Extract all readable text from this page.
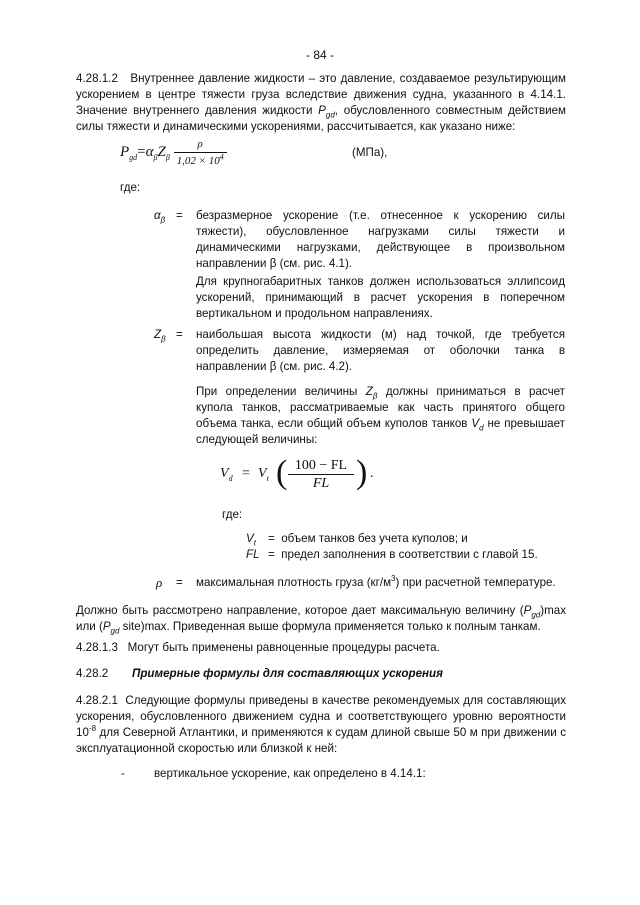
- 84 -
4.28.1.2 Внутреннее давление жидкости – это давление, создаваемое результирующим ускорением в центре тяжести груза вследствие движения судна, указанного в 4.14.1. Значение внутреннего давления жидкости $P_{gd}$, обусловленного совместным действием силы тяжести и динамическими ускорениями, рассчитывается, как указано ниже:
$P_{gd}=\alpha_\beta Z_\beta \frac{\rho}{1,02 \times 10^4}$	(МПа),
где:
$\alpha_\beta$ = безразмерное ускорение (т.е. отнесенное к ускорению силы тяжести), обусловленное нагрузками силы тяжести и динамическими нагрузками, действующее в произвольном направлении β (см. рис. 4.1).
Для крупногабаритных танков должен использоваться эллипсоид ускорений, принимающий в расчет ускорения в поперечном вертикальном и продольном направлениях.
$Z_\beta$ = наибольшая высота жидкости (м) над точкой, где требуется определить давление, измеряемая от оболочки танка в направлении β (см. рис. 4.2).
При определении величины $Z_\beta$ должны приниматься в расчет купола танков, рассматриваемые как часть принятого общего объема танка, если общий объем куполов танков $V_d$ не превышает следующей величины:
$V_d = V_t$ ( 100 − FL
FL ) .
где:
$V_t$ = объем танков без учета куполов; и
FL = предел заполнения в соответствии с главой 15.
ρ = максимальная плотность груза $(кг/м^3)$ при расчетной температуре.
Должно быть рассмотрено направление, которое дает максимальную величину $(P_{gd})\max$ или ($P_{gd}$ site)max. Приведенная выше формула применяется только к полным танкам.
4.28.1.3 Могут быть применены равноценные процедуры расчета.
4.28.2 Примерные формулы для составляющих ускорения
4.28.2.1 Следующие формулы приведены в качестве рекомендуемых для составляющих ускорения, обусловленного движением судна и соответствующего уровню вероятности $10^{-8}$ для Северной Атлантики, и применяются к судам длиной свыше 50 м при движении с эксплуатационной скоростью или близкой к ней:
-	вертикальное ускорение, как определено в 4.14.1:
